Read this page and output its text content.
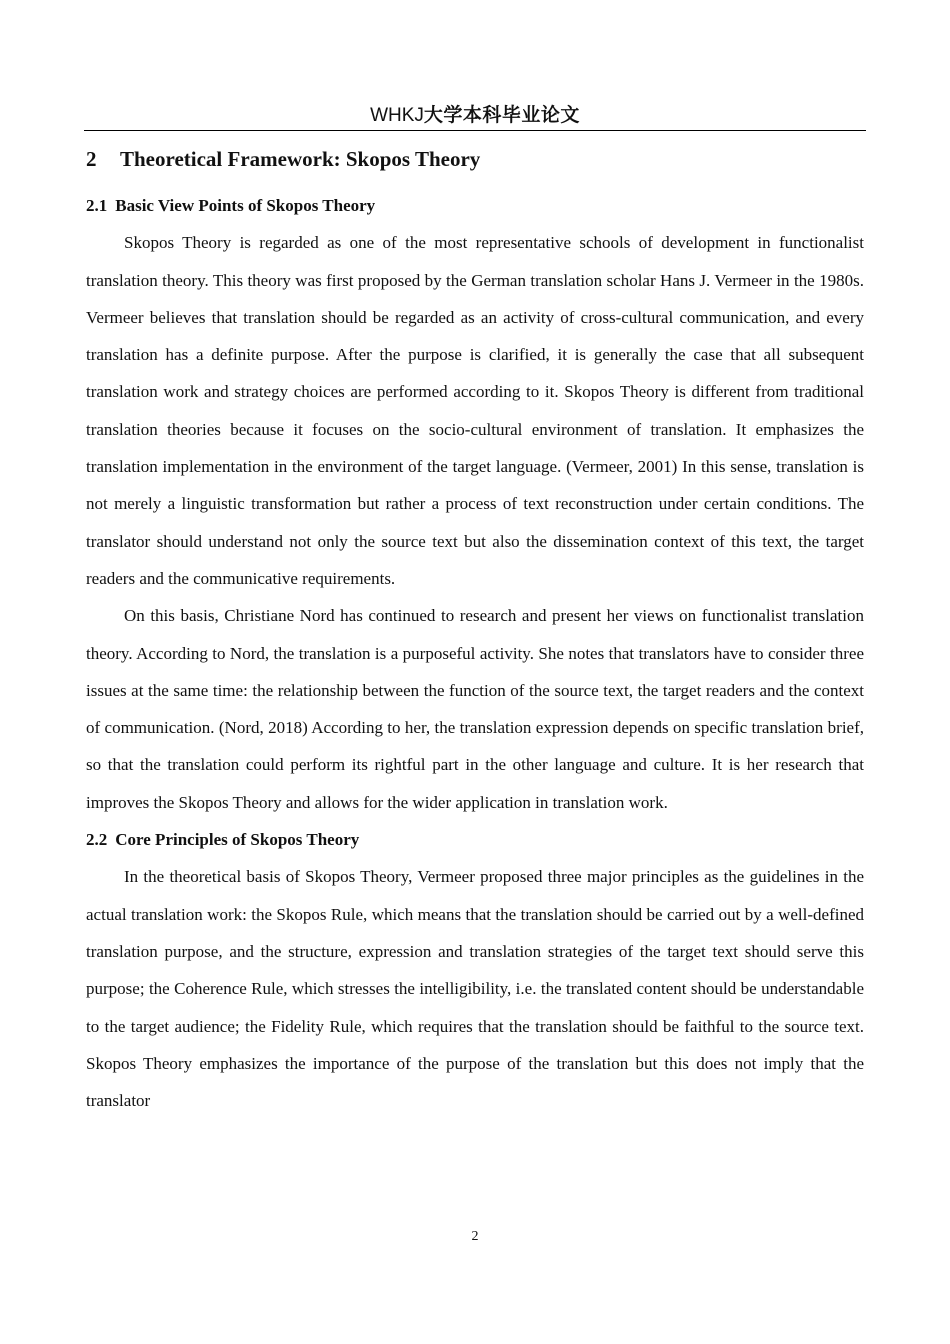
WHKJ大学本科毕业论文
2 Theoretical Framework: Skopos Theory
2.1 Basic View Points of Skopos Theory

Skopos Theory is regarded as one of the most representative schools of development in functionalist translation theory. This theory was first proposed by the German translation scholar Hans J. Vermeer in the 1980s. Vermeer believes that translation should be regarded as an activity of cross-cultural communication, and every translation has a definite purpose. After the purpose is clarified, it is generally the case that all subsequent translation work and strategy choices are performed according to it. Skopos Theory is different from traditional translation theories because it focuses on the socio-cultural environment of translation. It emphasizes the translation implementation in the environment of the target language. (Vermeer, 2001) In this sense, translation is not merely a linguistic transformation but rather a process of text reconstruction under certain conditions. The translator should understand not only the source text but also the dissemination context of this text, the target readers and the communicative requirements.

On this basis, Christiane Nord has continued to research and present her views on functionalist translation theory. According to Nord, the translation is a purposeful activity. She notes that translators have to consider three issues at the same time: the relationship between the function of the source text, the target readers and the context of communication. (Nord, 2018) According to her, the translation expression depends on specific translation brief, so that the translation could perform its rightful part in the other language and culture. It is her research that improves the Skopos Theory and allows for the wider application in translation work.

2.2 Core Principles of Skopos Theory

In the theoretical basis of Skopos Theory, Vermeer proposed three major principles as the guidelines in the actual translation work: the Skopos Rule, which means that the translation should be carried out by a well-defined translation purpose, and the structure, expression and translation strategies of the target text should serve this purpose; the Coherence Rule, which stresses the intelligibility, i.e. the translated content should be understandable to the target audience; the Fidelity Rule, which requires that the translation should be faithful to the source text. Skopos Theory emphasizes the importance of the purpose of the translation but this does not imply that the translator

2
